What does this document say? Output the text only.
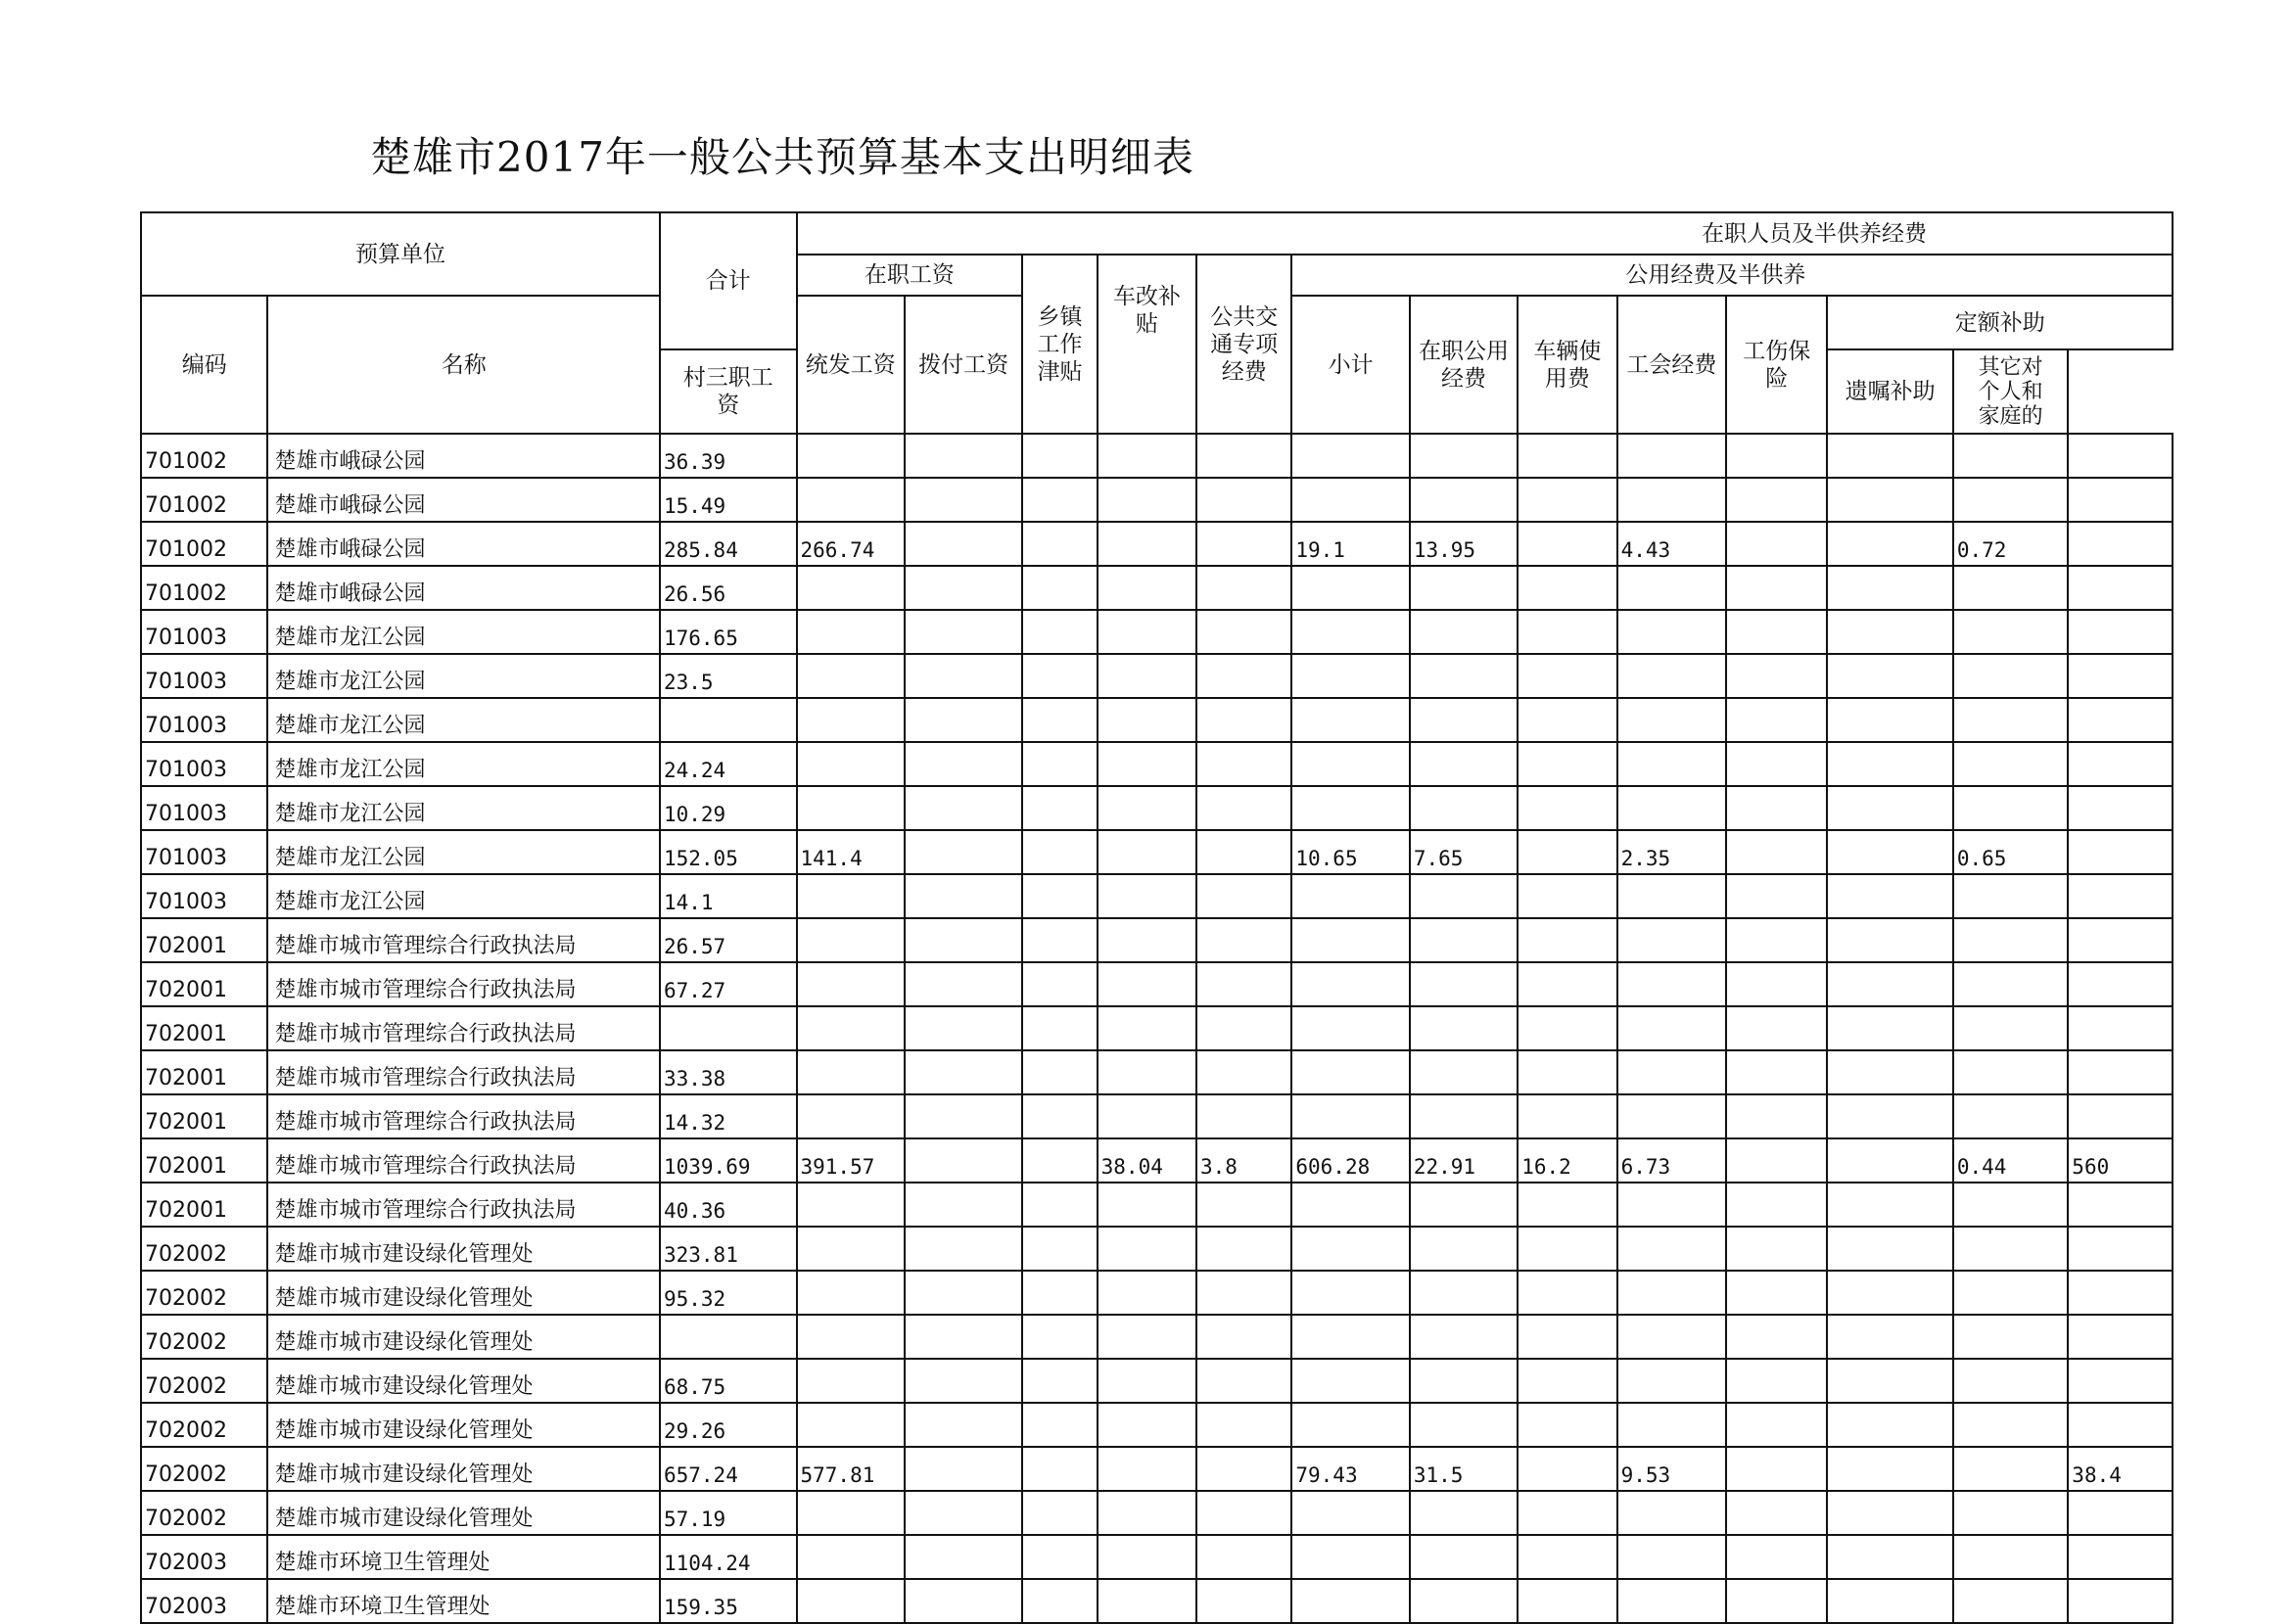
楚雄市2017年一般公共预算基本支出明细表
预算单位		合计	在职人员及半供养经费												
			在职工资		乡镇工作津贴	车改补贴	公共交通专项经费	公用经费及半供养							
编码	名称		统发工资	拨付工资				小计	在职公用经费	车辆使用费	工会经费	工伤保险	定额补助		
		村三职工资											遗嘱补助	其它对个人和家庭的	
701002	楚雄市峨碌公园	36.39													
701002	楚雄市峨碌公园	15.49													
701002	楚雄市峨碌公园	285.84	266.74					19.1	13.95		4.43			0.72	
701002	楚雄市峨碌公园	26.56													
701003	楚雄市龙江公园	176.65													
701003	楚雄市龙江公园	23.5													
701003	楚雄市龙江公园														
701003	楚雄市龙江公园	24.24													
701003	楚雄市龙江公园	10.29													
701003	楚雄市龙江公园	152.05	141.4					10.65	7.65		2.35			0.65	
701003	楚雄市龙江公园	14.1													
702001	楚雄市城市管理综合行政执法局	26.57													
702001	楚雄市城市管理综合行政执法局	67.27													
702001	楚雄市城市管理综合行政执法局														
702001	楚雄市城市管理综合行政执法局	33.38													
702001	楚雄市城市管理综合行政执法局	14.32													
702001	楚雄市城市管理综合行政执法局	1039.69	391.57			38.04	3.8	606.28	22.91	16.2	6.73			0.44	560
702001	楚雄市城市管理综合行政执法局	40.36													
702002	楚雄市城市建设绿化管理处	323.81													
702002	楚雄市城市建设绿化管理处	95.32													
702002	楚雄市城市建设绿化管理处														
702002	楚雄市城市建设绿化管理处	68.75													
702002	楚雄市城市建设绿化管理处	29.26													
702002	楚雄市城市建设绿化管理处	657.24	577.81					79.43	31.5		9.53				38.4
702002	楚雄市城市建设绿化管理处	57.19													
702003	楚雄市环境卫生管理处	1104.24													
702003	楚雄市环境卫生管理处	159.35													
